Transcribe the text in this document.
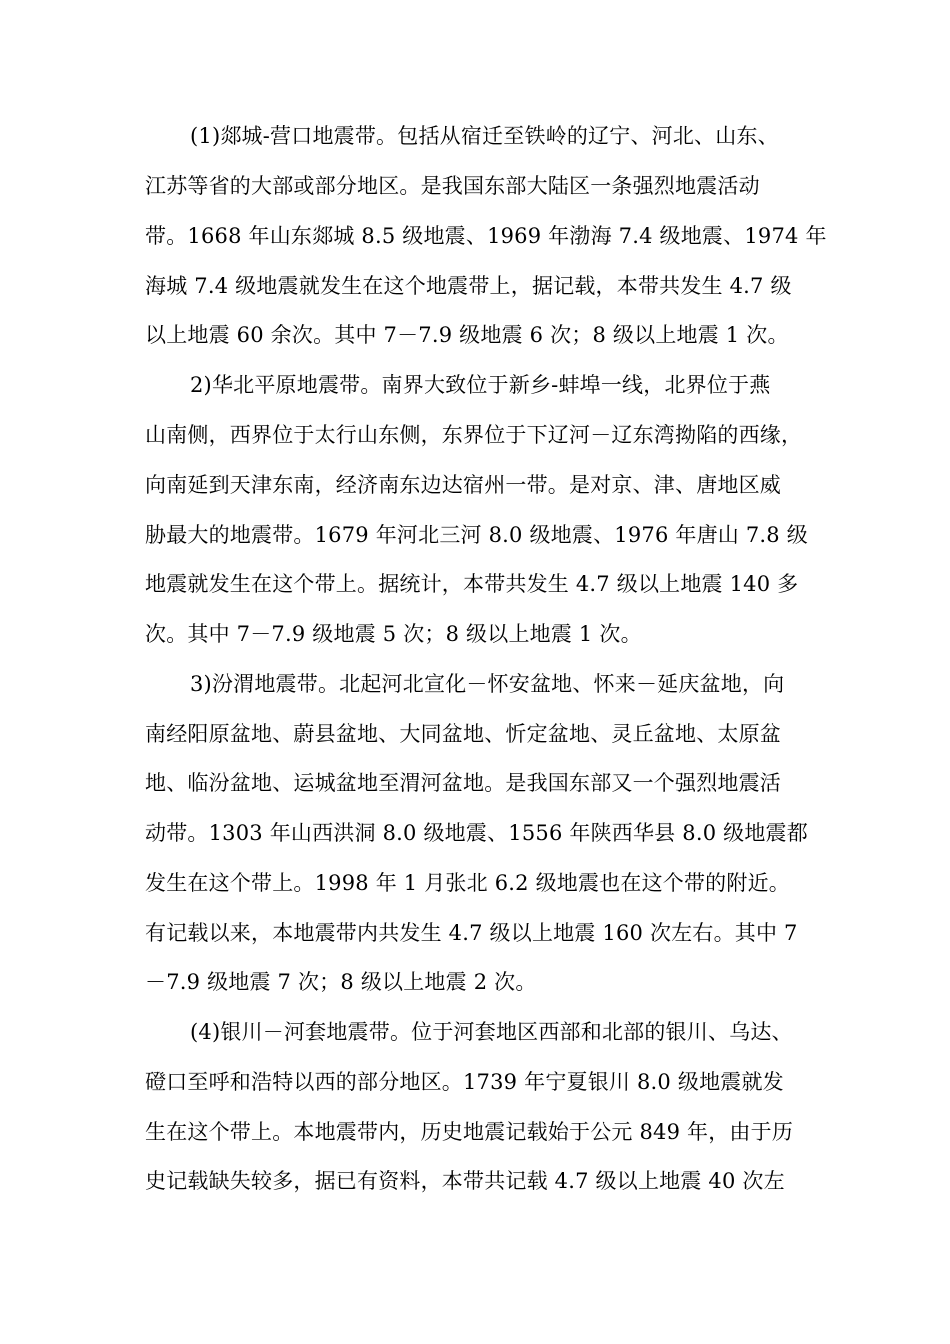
(1)郯城-营口地震带。包括从宿迁至铁岭的辽宁、河北、山东、
江苏等省的大部或部分地区。是我国东部大陆区一条强烈地震活动
带。1668 年山东郯城 8.5 级地震、1969 年渤海 7.4 级地震、1974 年
海城 7.4 级地震就发生在这个地震带上，据记载，本带共发生 4.7 级
以上地震 60 余次。其中 7－7.9 级地震 6 次；8 级以上地震 1 次。
2)华北平原地震带。南界大致位于新乡-蚌埠一线，北界位于燕
山南侧，西界位于太行山东侧，东界位于下辽河－辽东湾拗陷的西缘，
向南延到天津东南，经济南东边达宿州一带。是对京、津、唐地区威
胁最大的地震带。1679 年河北三河 8.0 级地震、1976 年唐山 7.8 级
地震就发生在这个带上。据统计，本带共发生 4.7 级以上地震 140 多
次。其中 7－7.9 级地震 5 次；8 级以上地震 1 次。
3)汾渭地震带。北起河北宣化－怀安盆地、怀来－延庆盆地，向
南经阳原盆地、蔚县盆地、大同盆地、忻定盆地、灵丘盆地、太原盆
地、临汾盆地、运城盆地至渭河盆地。是我国东部又一个强烈地震活
动带。1303 年山西洪洞 8.0 级地震、1556 年陕西华县 8.0 级地震都
发生在这个带上。1998 年 1 月张北 6.2 级地震也在这个带的附近。
有记载以来，本地震带内共发生 4.7 级以上地震 160 次左右。其中 7
－7.9 级地震 7 次；8 级以上地震 2 次。
(4)银川－河套地震带。位于河套地区西部和北部的银川、乌达、
磴口至呼和浩特以西的部分地区。1739 年宁夏银川 8.0 级地震就发
生在这个带上。本地震带内，历史地震记载始于公元 849 年，由于历
史记载缺失较多，据已有资料，本带共记载 4.7 级以上地震 40 次左
